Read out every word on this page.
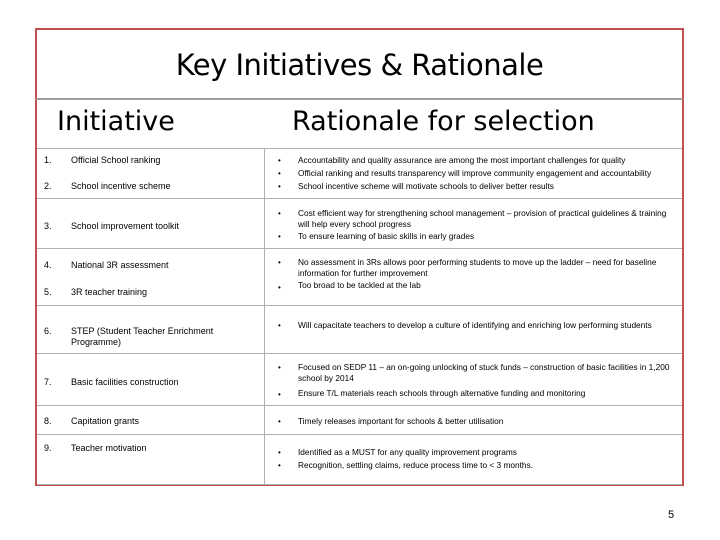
Key Initiatives & Rationale
Initiative	Rationale for selection
1. Official School ranking
2. School incentive scheme
3. School improvement toolkit
4. National 3R assessment
5. 3R teacher training
6. STEP (Student Teacher Enrichment Programme)
7. Basic facilities construction
8. Capitation grants
9. Teacher motivation
• Accountability and quality assurance are among the most important challenges for quality
• Official ranking and results transparency will improve community engagement and accountability
• School incentive scheme will motivate schools to deliver better results
• Cost efficient way for strengthening school management – provision of practical guidelines & training will help every school progress
• To ensure learning of basic skills in early grades
• No assessment in 3Rs allows poor performing students to move up the ladder – need for baseline information for further improvement
• Too broad to be tackled at the lab
• Will capacitate teachers to develop a culture of identifying and enriching low performing students
• Focused on SEDP 11 – an on-going unlocking of stuck funds – construction of basic facilities in 1,200 school by 2014
• Ensure T/L materials reach schools through alternative funding and monitoring
• Timely releases important for schools & better utilisation
• Identified as a MUST for any quality improvement programs
• Recognition, settling claims, reduce process time to < 3 months.
5
